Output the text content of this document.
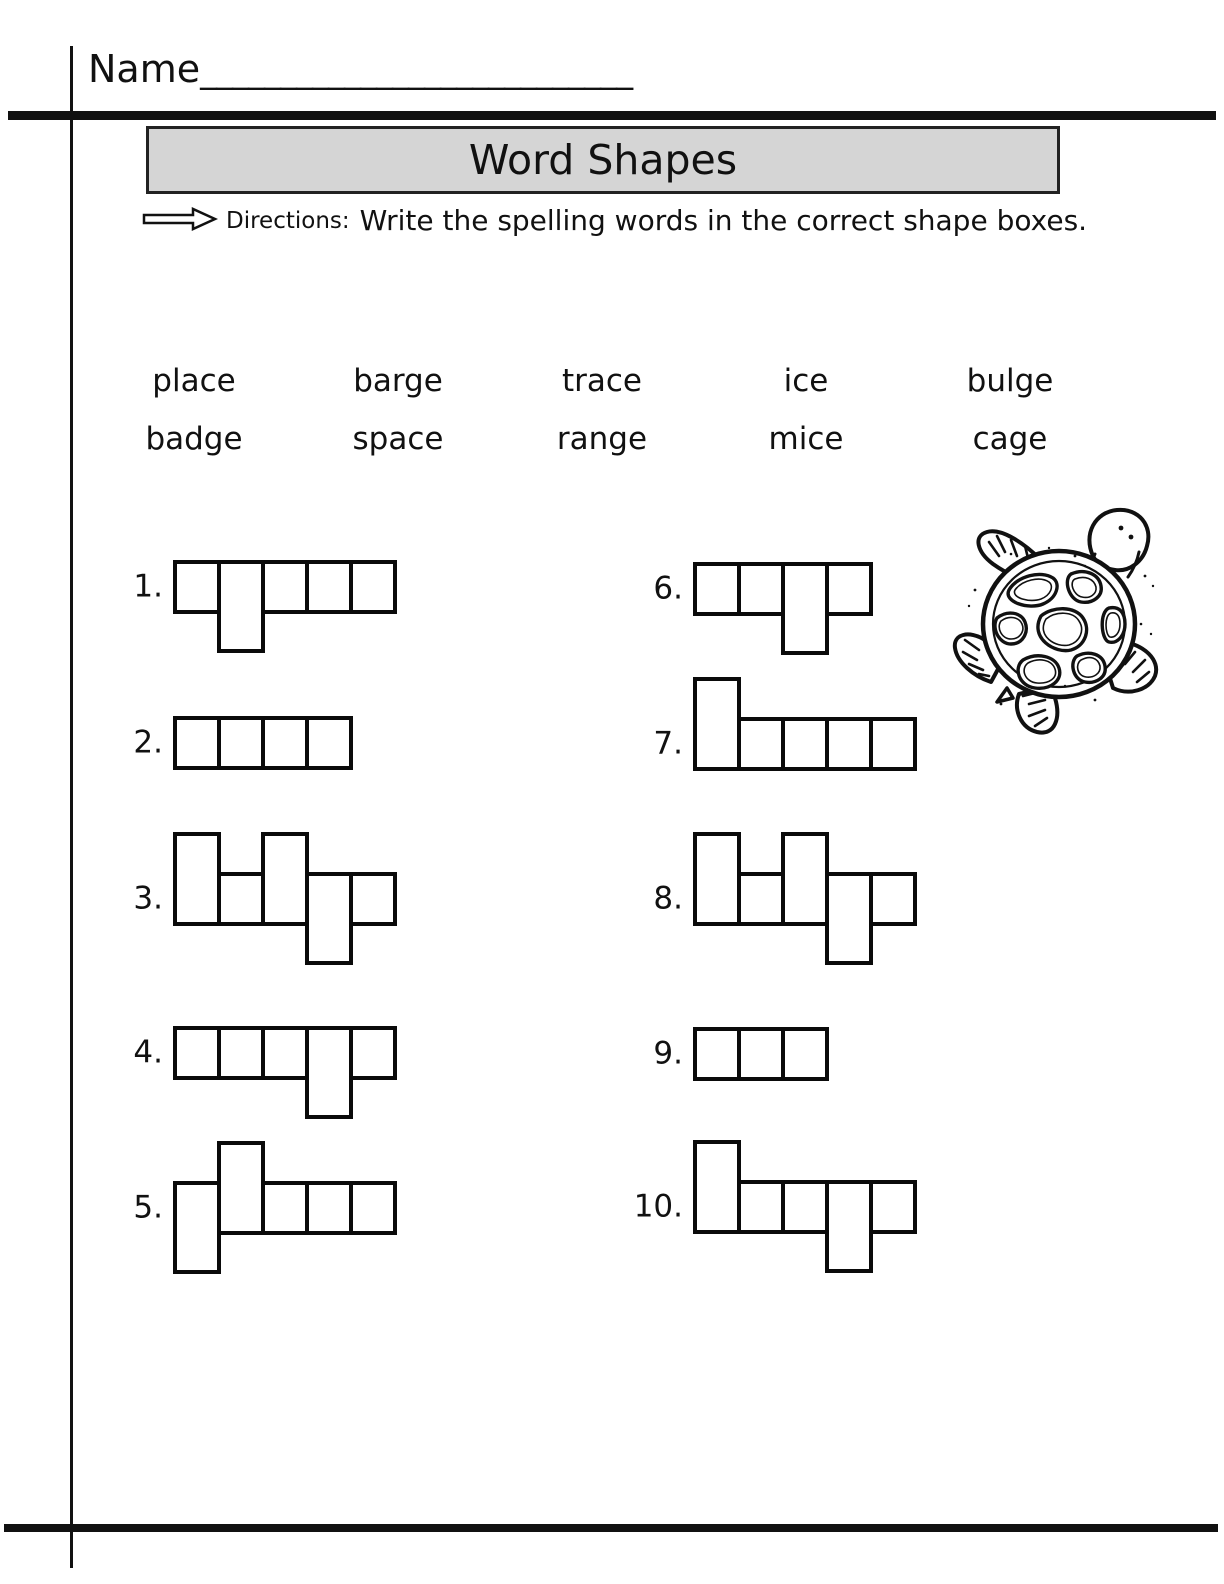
Name___________________________
Word Shapes
Directions: Write the spelling words in the correct shape boxes.
place	barge	trace	ice	bulge
badge	space	range	mice	cage
1.
2.
3.
4.
5.
6.
7.
8.
9.
10.
